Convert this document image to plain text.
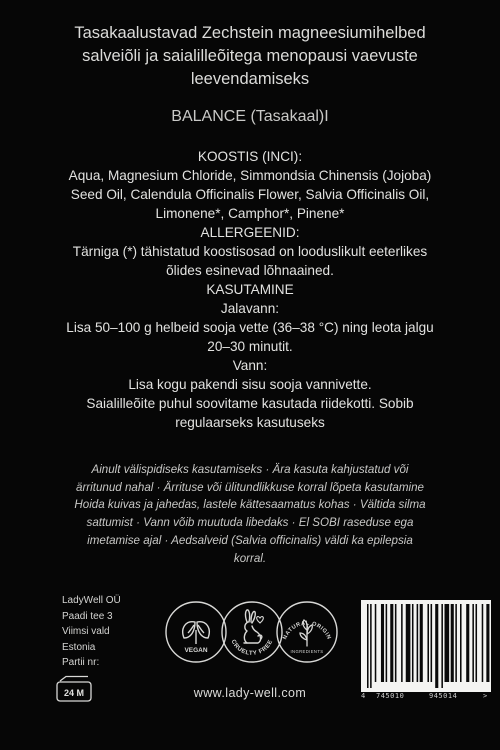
Tasakaalustavad Zechstein magneesiumihelbed
salveiõli ja saialilleõitega menopausi vaevuste
leevendamiseks
BALANCE (Tasakaal)I
KOOSTIS (INCI):
Aqua, Magnesium Chloride, Simmondsia Chinensis (Jojoba)
Seed Oil, Calendula Officinalis Flower, Salvia Officinalis Oil,
Limonene*, Camphor*, Pinene*
ALLERGEENID:
Tärniga (*) tähistatud koostisosad on looduslikult eeterlikes
õlides esinevad lõhnaained.
KASUTAMINE
Jalavann:
Lisa 50–100 g helbeid sooja vette (36–38 °C) ning leota jalgu
20–30 minutit.
Vann:
Lisa kogu pakendi sisu sooja vannivette.
Saialilleõite puhul soovitame kasutada riidekotti. Sobib
regulaarseks kasutuseks
Ainult välispidiseks kasutamiseks · Ära kasuta kahjustatud või
ärritunud nahal · Ärrituse või ülitundlikkuse korral lõpeta kasutamine
Hoida kuivas ja jahedas, lastele kättesaamatus kohas · Vältida silma
sattumist · Vann võib muutuda libedaks · El SOBI raseduse ega
imetamise ajal · Aedsalveid (Salvia officinalis) väldi ka epilepsia
korral.
LadyWell OÜ
Paadi tee 3
Viimsi vald
Estonia
Partii nr:
24 M	www.lady-well.com
VEGAN
CRUELTY FREE
NATURAL ORIGIN
INGREDIENTS
4 745010	945014	>
